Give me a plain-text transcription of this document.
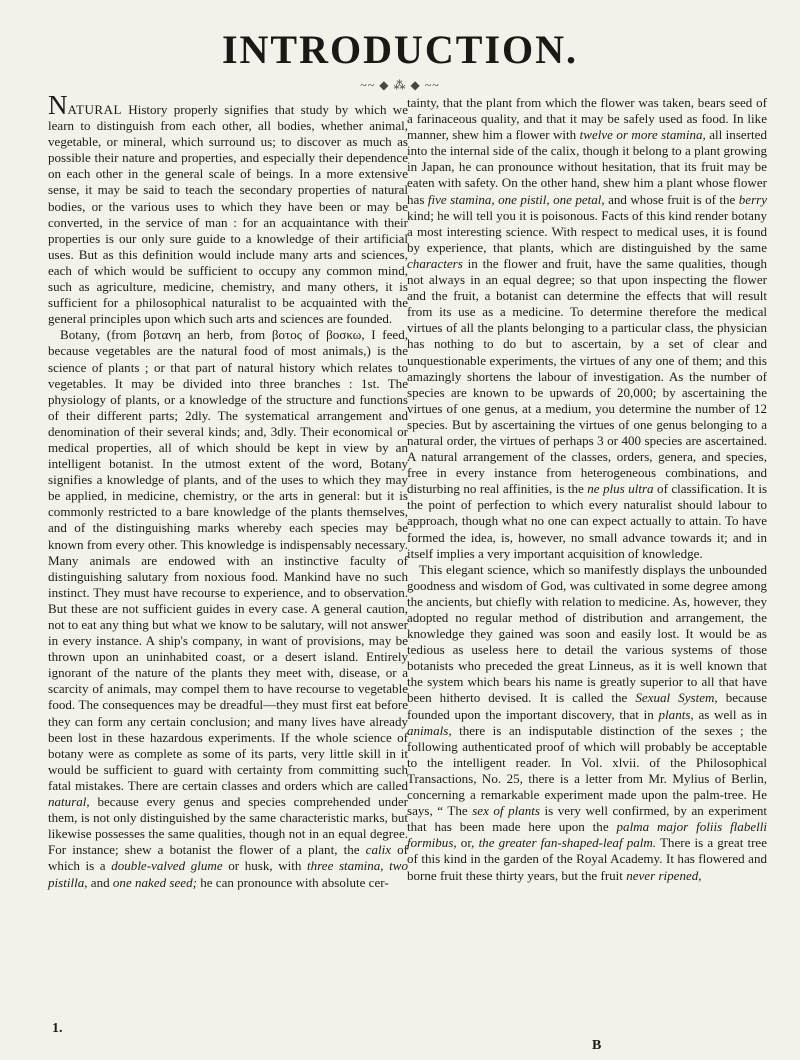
INTRODUCTION.
~~ ◆ ⁂ ◆ ~~

NATURAL History properly signifies that study by which we learn to distinguish from each other, all bodies, whether animal, vegetable, or mineral, which surround us; to discover as much as possible their nature and properties, and especially their dependence on each other in the general scale of beings. In a more extensive sense, it may be said to teach the secondary properties of natural bodies, or the various uses to which they have been or may be converted, in the service of man : for an acquaintance with their properties is our only sure guide to a knowledge of their artificial uses. But as this definition would include many arts and sciences, each of which would be sufficient to occupy any common mind, such as agriculture, medicine, chemistry, and many others, it is sufficient for a philosophical naturalist to be acquainted with the general principles upon which such arts and sciences are founded.

Botany, (from βοτανη an herb, from βοτος of βοσκω, I feed, because vegetables are the natural food of most animals,) is the science of plants ; or that part of natural history which relates to vegetables. It may be divided into three branches : 1st. The physiology of plants, or a knowledge of the structure and functions of their different parts; 2dly. The systematical arrangement and denomination of their several kinds; and, 3dly. Their economical or medical properties, all of which should be kept in view by an intelligent botanist. In the utmost extent of the word, Botany signifies a knowledge of plants, and of the uses to which they may be applied, in medicine, chemistry, or the arts in general: but it is commonly restricted to a bare knowledge of the plants themselves, and of the distinguishing marks whereby each species may be known from every other. This knowledge is indispensably necessary. Many animals are endowed with an instinctive faculty of distinguishing salutary from noxious food. Mankind have no such instinct. They must have recourse to experience, and to observation. But these are not sufficient guides in every case. A general caution, not to eat any thing but what we know to be salutary, will not answer in every instance. A ship's company, in want of provisions, may be thrown upon an uninhabited coast, or a desert island. Entirely ignorant of the nature of the plants they meet with, disease, or a scarcity of animals, may compel them to have recourse to vegetable food. The consequences may be dreadful—they must first eat before they can form any certain conclusion; and many lives have already been lost in these hazardous experiments. If the whole science of botany were as complete as some of its parts, very little skill in it would be sufficient to guard with certainty from committing such fatal mistakes. There are certain classes and orders which are called natural, because every genus and species comprehended under them, is not only distinguished by the same characteristic marks, but likewise possesses the same qualities, though not in an equal degree. For instance; shew a botanist the flower of a plant, the calix of which is a double-valved glume or husk, with three stamina, two pistilla, and one naked seed; he can pronounce with absolute cer-

tainty, that the plant from which the flower was taken, bears seed of a farinaceous quality, and that it may be safely used as food. In like manner, shew him a flower with twelve or more stamina, all inserted into the internal side of the calix, though it belong to a plant growing in Japan, he can pronounce without hesitation, that its fruit may be eaten with safety. On the other hand, shew him a plant whose flower has five stamina, one pistil, one petal, and whose fruit is of the berry kind; he will tell you it is poisonous. Facts of this kind render botany a most interesting science. With respect to medical uses, it is found by experience, that plants, which are distinguished by the same characters in the flower and fruit, have the same qualities, though not always in an equal degree; so that upon inspecting the flower and the fruit, a botanist can determine the effects that will result from its use as a medicine. To determine therefore the medical virtues of all the plants belonging to a particular class, the physician has nothing to do but to ascertain, by a set of clear and unquestionable experiments, the virtues of any one of them; and this amazingly shortens the labour of investigation. As the number of species are known to be upwards of 20,000; by ascertaining the virtues of one genus, at a medium, you determine the number of 12 species. But by ascertaining the virtues of one genus belonging to a natural order, the virtues of perhaps 3 or 400 species are ascertained. A natural arrangement of the classes, orders, genera, and species, free in every instance from heterogeneous combinations, and disturbing no real affinities, is the ne plus ultra of classification. It is the point of perfection to which every naturalist should labour to approach, though what no one can expect actually to attain. To have formed the idea, is, however, no small advance towards it; and in itself implies a very important acquisition of knowledge.

This elegant science, which so manifestly displays the unbounded goodness and wisdom of God, was cultivated in some degree among the ancients, but chiefly with relation to medicine. As, however, they adopted no regular method of distribution and arrangement, the knowledge they gained was soon and easily lost. It would be as tedious as useless here to detail the various systems of those botanists who preceded the great Linneus, as it is well known that the system which bears his name is greatly superior to all that have been hitherto devised. It is called the Sexual System, because founded upon the important discovery, that in plants, as well as in animals, there is an indisputable distinction of the sexes ; the following authenticated proof of which will probably be acceptable to the intelligent reader. In Vol. xlvii. of the Philosophical Transactions, No. 25, there is a letter from Mr. Mylius of Berlin, concerning a remarkable experiment made upon the palm-tree. He says, “ The sex of plants is very well confirmed, by an experiment that has been made here upon the palma major foliis flabelli formibus, or, the greater fan-shaped-leaf palm. There is a great tree of this kind in the garden of the Royal Academy. It has flowered and borne fruit these thirty years, but the fruit never ripened,

1.
B
